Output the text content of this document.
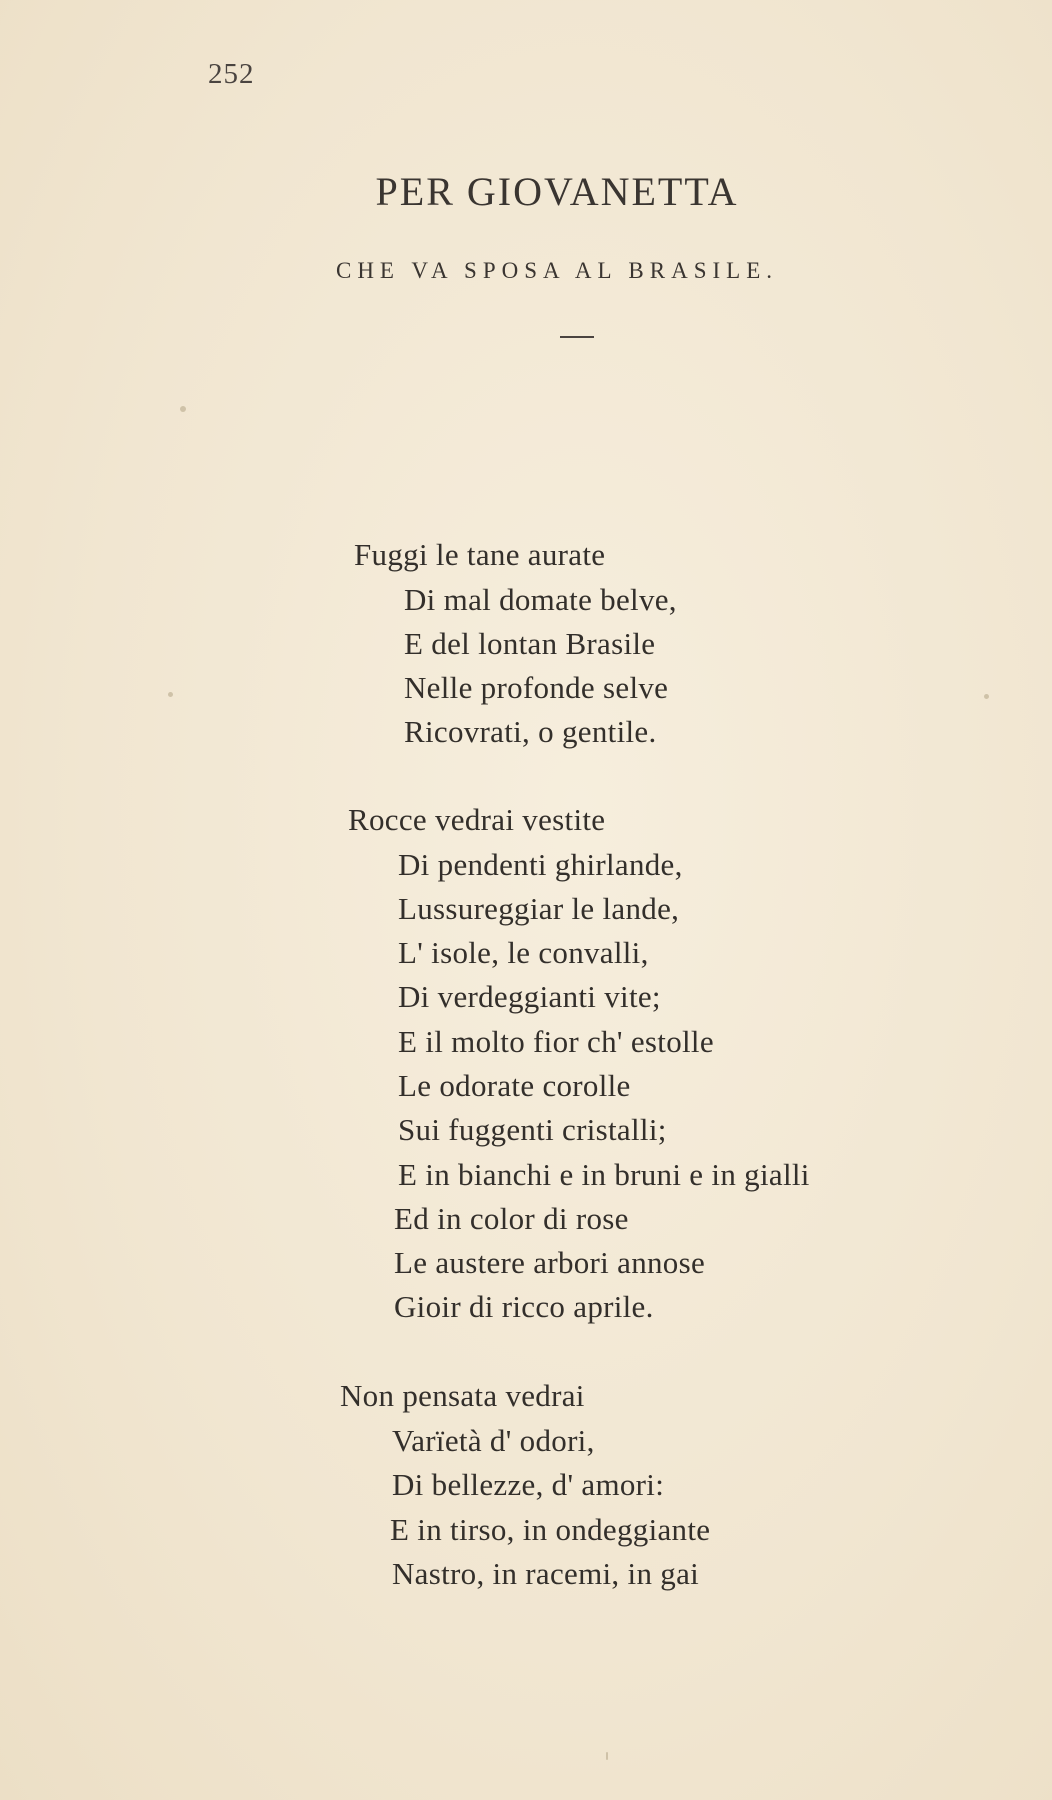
252
PER GIOVANETTA
CHE VA SPOSA AL BRASILE.
Fuggi le tane aurate
Di mal domate belve,
E del lontan Brasile
Nelle profonde selve
Ricovrati, o gentile.
Rocce vedrai vestite
Di pendenti ghirlande,
Lussureggiar le lande,
L' isole, le convalli,
Di verdeggianti vite;
E il molto fior ch' estolle
Le odorate corolle
Sui fuggenti cristalli;
E in bianchi e in bruni e in gialli
Ed in color di rose
Le austere arbori annose
Gioir di ricco aprile.
Non pensata vedrai
Varïetà d' odori,
Di bellezze, d' amori:
E in tirso, in ondeggiante
Nastro, in racemi, in gai
